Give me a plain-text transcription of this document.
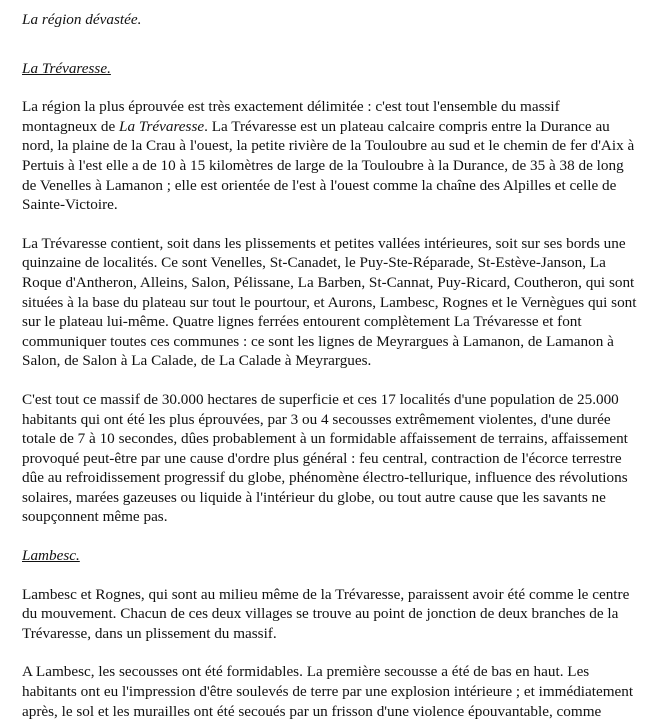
La région dévastée.
La Trévaresse.

La région la plus éprouvée est très exactement délimitée : c'est tout l'ensemble du massif montagneux de La Trévaresse. La Trévaresse est un plateau calcaire compris entre la Durance au nord, la plaine de la Crau à l'ouest, la petite rivière de la Touloubre au sud et le chemin de fer d'Aix à Pertuis à l'est elle a de 10 à 15 kilomètres de large de la Touloubre à la Durance, de 35 à 38 de long de Venelles à Lamanon ; elle est orientée de l'est à l'ouest comme la chaîne des Alpilles et celle de Sainte-Victoire.

La Trévaresse contient, soit dans les plissements et petites vallées intérieures, soit sur ses bords une quinzaine de localités. Ce sont Venelles, St-Canadet, le Puy-Ste-Réparade, St-Estève-Janson, La Roque d'Antheron, Alleins, Salon, Pélissane, La Barben, St-Cannat, Puy-Ricard, Coutheron, qui sont situées à la base du plateau sur tout le pourtour, et Aurons, Lambesc, Rognes et le Vernègues qui sont sur le plateau lui-même. Quatre lignes ferrées entourent complètement La Trévaresse et font communiquer toutes ces communes : ce sont les lignes de Meyrargues à Lamanon, de Lamanon à Salon, de Salon à La Calade, de La Calade à Meyrargues.

C'est tout ce massif de 30.000 hectares de superficie et ces 17 localités d'une population de 25.000 habitants qui ont été les plus éprouvées, par 3 ou 4 secousses extrêmement violentes, d'une durée totale de 7 à 10 secondes, dûes probablement à un formidable affaissement de terrains, affaissement provoqué peut-être par une cause d'ordre plus général : feu central, contraction de l'écorce terrestre dûe au refroidissement progressif du globe, phénomène électro-tellurique, influence des révolutions solaires, marées gazeuses ou liquide à l'intérieur du globe, ou tout autre cause que les savants ne soupçonnent même pas.

Lambesc.

Lambesc et Rognes, qui sont au milieu même de la Trévaresse, paraissent avoir été comme le centre du mouvement. Chacun de ces deux villages se trouve au point de jonction de deux branches de la Trévaresse, dans un plissement du massif.

A Lambesc, les secousses ont été formidables. La première secousse a été de bas en haut. Les habitants ont eu l'impression d'être soulevés de terre par une explosion intérieure ; et immédiatement après, le sol et les murailles ont été secoués par un frisson d'une violence épouvantable, comme
